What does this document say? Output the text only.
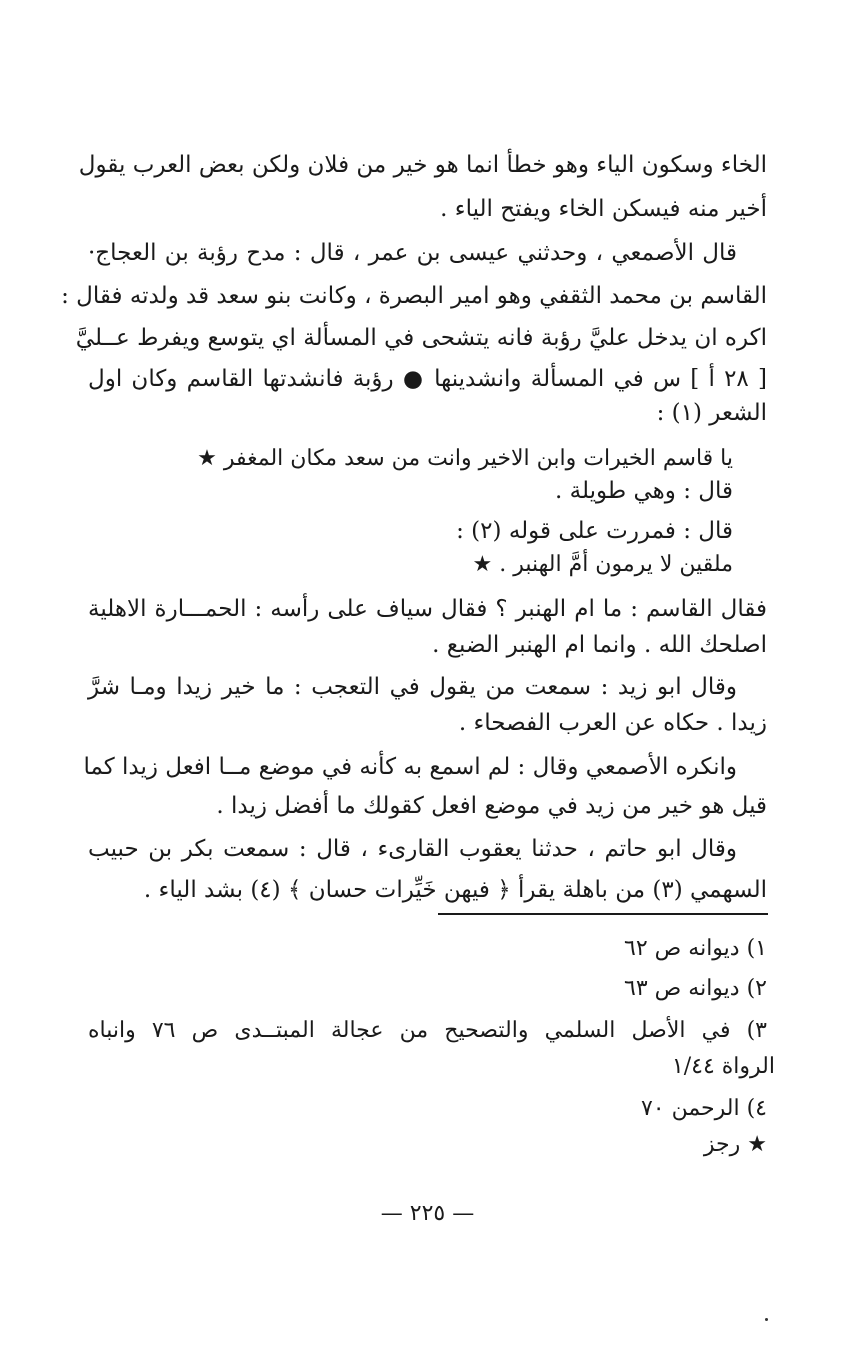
الخاء وسكون الياء وهو خطأ انما هو خير من فلان ولكن بعض العرب يقول
أخير منه فيسكن الخاء ويفتح الياء .
قال الأصمعي ، وحدثني عيسى بن عمر ، قال : مدح رؤبة بن العجاج·
القاسم بن محمد الثقفي وهو امير البصرة ، وكانت بنو سعد قد ولدته فقال :
اكره ان يدخل عليَّ رؤبة فانه يتشحى في المسألة اي يتوسع ويفرط عــليَّ
[ ٢٨ أ ] س في المسألة وانشدينها ● رؤبة فانشدتها القاسم وكان اول
الشعر (١) :
يا قاسم الخيرات وابن الاخير وانت من سعد مكان المغفر ★
قال : وهي طويلة .
قال : فمررت على قوله (٢) :
ملقين لا يرمون أمَّ الهنبر . ★
فقال القاسم : ما ام الهنبر ؟ فقال سياف على رأسه : الحمـــارة الاهلية
اصلحك الله . وانما ام الهنبر الضبع .
وقال ابو زيد : سمعت من يقول في التعجب : ما خير زيدا ومـا شرَّ
زيدا . حكاه عن العرب الفصحاء .
وانكره الأصمعي وقال : لم اسمع به كأنه في موضع مــا افعل زيدا كما
قيل هو خير من زيد في موضع افعل كقولك ما أفضل زيدا .
وقال ابو حاتم ، حدثنا يعقوب القارىء ، قال : سمعت بكر بن حبيب
السهمي (٣) من باهلة يقرأ ﴿ فيهن خَيِّرات حسان ﴾ (٤) بشد الياء .
١) ديوانه ص ٦٢
٢) ديوانه ص ٦٣
٣) في الأصل السلمي والتصحيح من عجالة المبتــدى ص ٧٦ وانباه
الرواة ١/٤٤
٤) الرحمن ٧٠
★ رجز
— ٢٢٥ —
